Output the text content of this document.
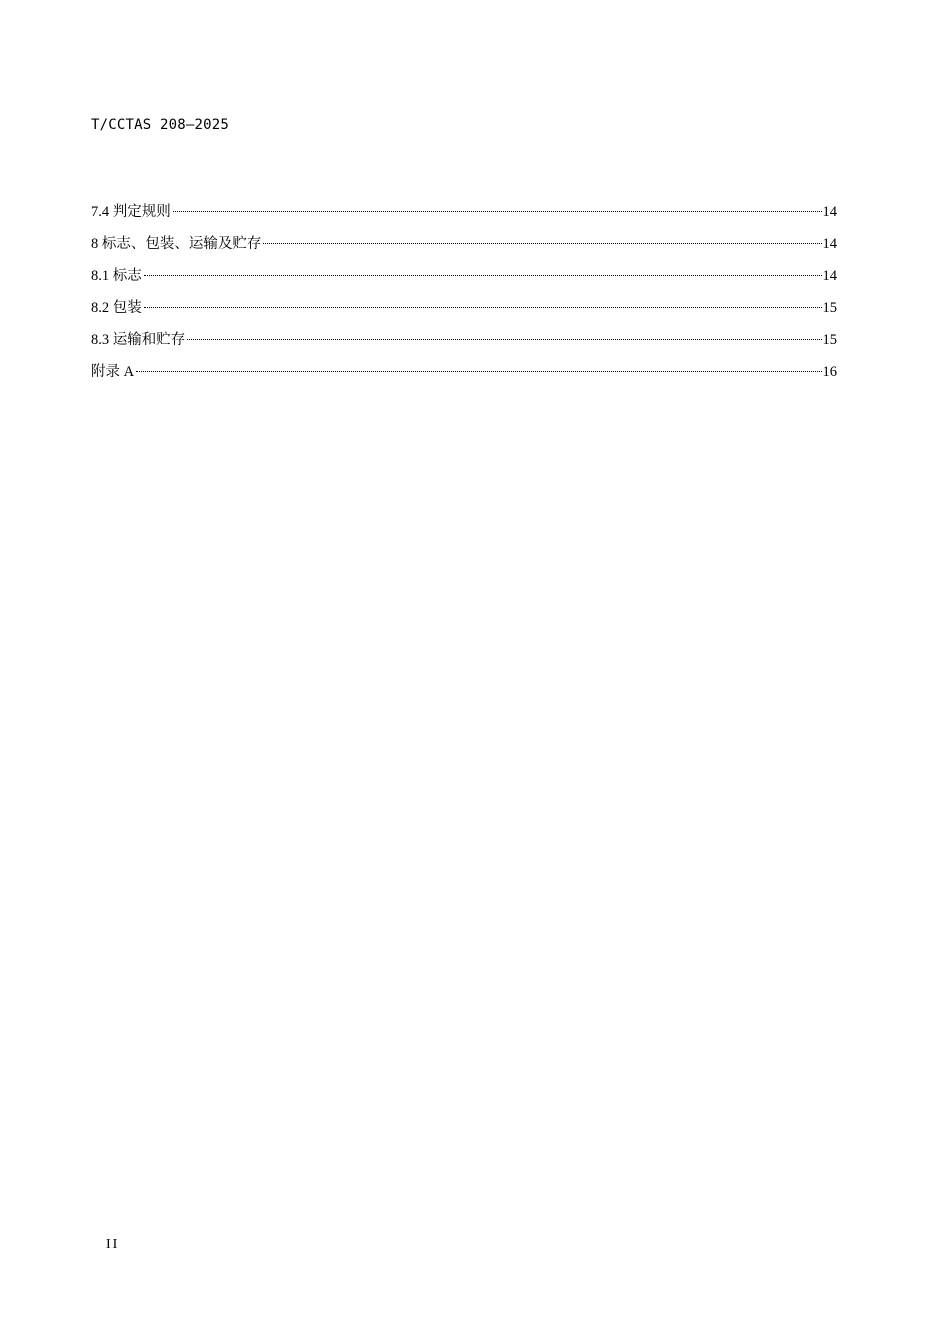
T/CCTAS 208—2025
7.4 判定规则	14
8 标志、包装、运输及贮存	14
8.1 标志	14
8.2 包装	15
8.3 运输和贮存	15
附录 A	16
II
